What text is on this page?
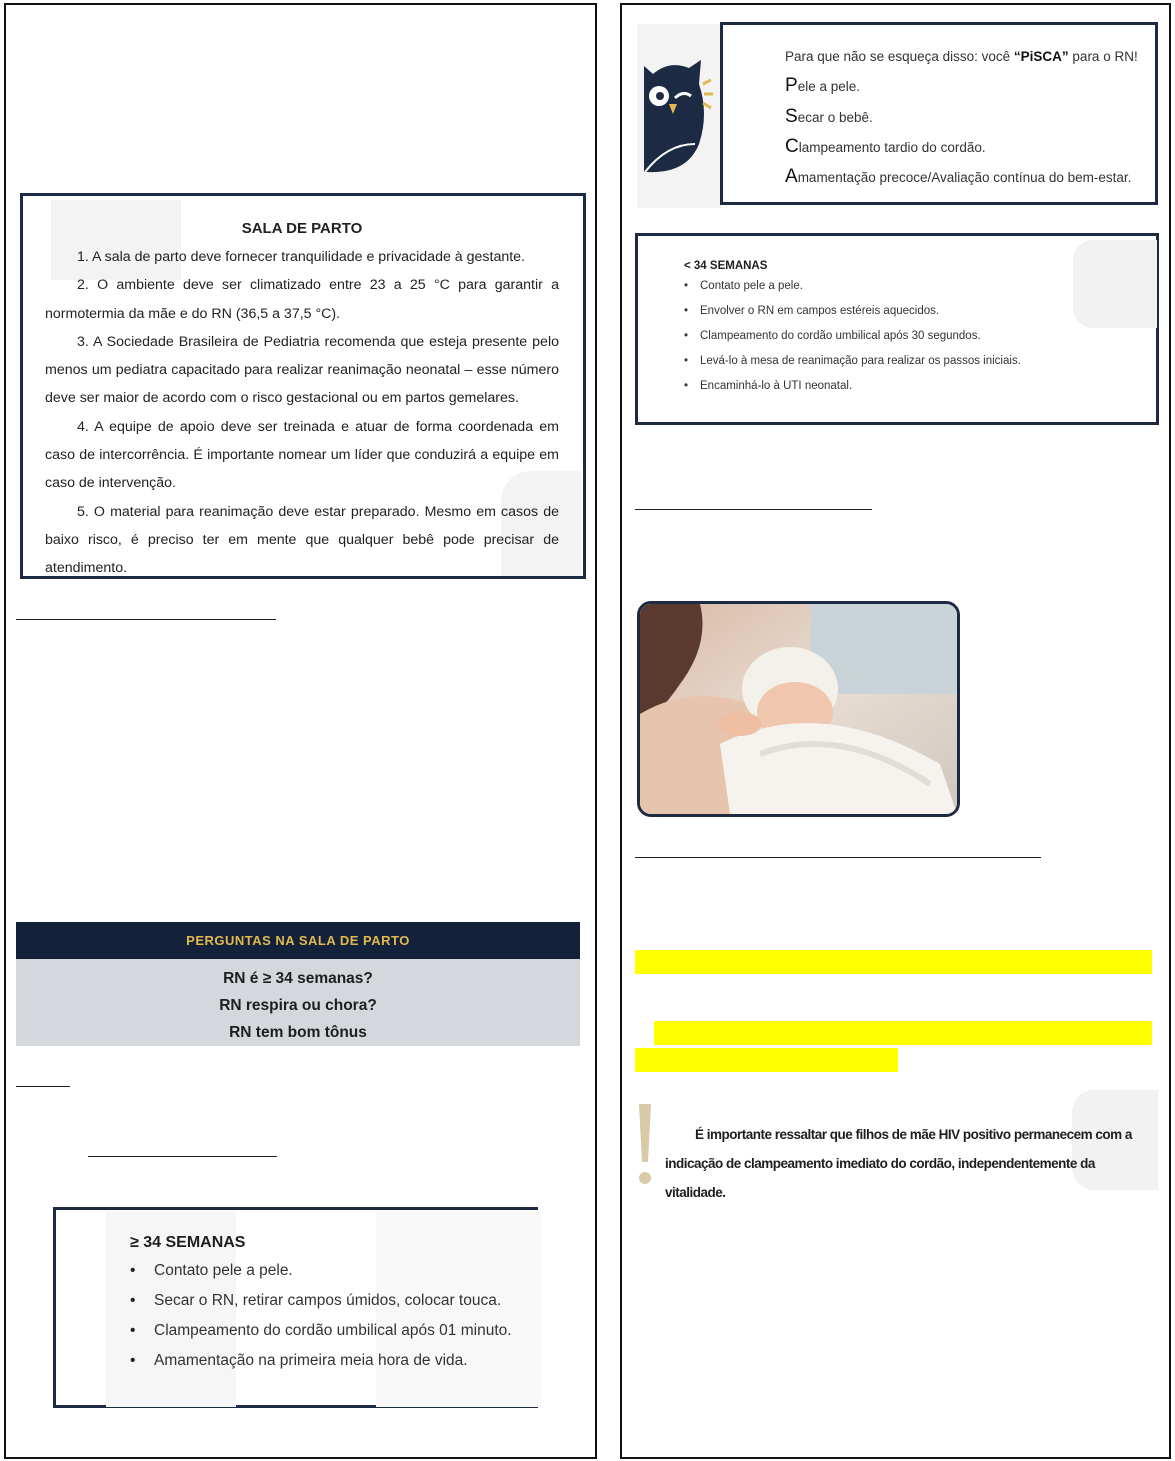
SALA DE PARTO

1. A sala de parto deve fornecer tranquilidade e privacidade à gestante.

2. O ambiente deve ser climatizado entre 23 a 25 °C para garantir a normotermia da mãe e do RN (36,5 a 37,5 °C).

3. A Sociedade Brasileira de Pediatria recomenda que esteja presente pelo menos um pediatra capacitado para realizar reanimação neonatal – esse número deve ser maior de acordo com o risco gestacional ou em partos gemelares.

4. A equipe de apoio deve ser treinada e atuar de forma coordenada em caso de intercorrência. É importante nomear um líder que conduzirá a equipe em caso de intervenção.

5. O material para reanimação deve estar preparado. Mesmo em casos de baixo risco, é preciso ter em mente que qualquer bebê pode precisar de atendimento.

PERGUNTAS NA SALA DE PARTO
RN é ≥ 34 semanas?
RN respira ou chora?
RN tem bom tônus
≥ 34 SEMANAS
• Contato pele a pele.
• Secar o RN, retirar campos úmidos, colocar touca.
• Clampeamento do cordão umbilical após 01 minuto.
• Amamentação na primeira meia hora de vida.
Para que não se esqueça disso: você “PiSCA” para o RN!
Pele a pele.
Secar o bebê.
Clampeamento tardio do cordão.
Amamentação precoce/Avaliação contínua do bem-estar.
< 34 SEMANAS
• Contato pele a pele.
• Envolver o RN em campos estéreis aquecidos.
• Clampeamento do cordão umbilical após 30 segundos.
• Levá-lo à mesa de reanimação para realizar os passos iniciais.
• Encaminhá-lo à UTI neonatal.
É importante ressaltar que filhos de mãe HIV positivo permanecem com a indicação de clampeamento imediato do cordão, independentemente da vitalidade.
